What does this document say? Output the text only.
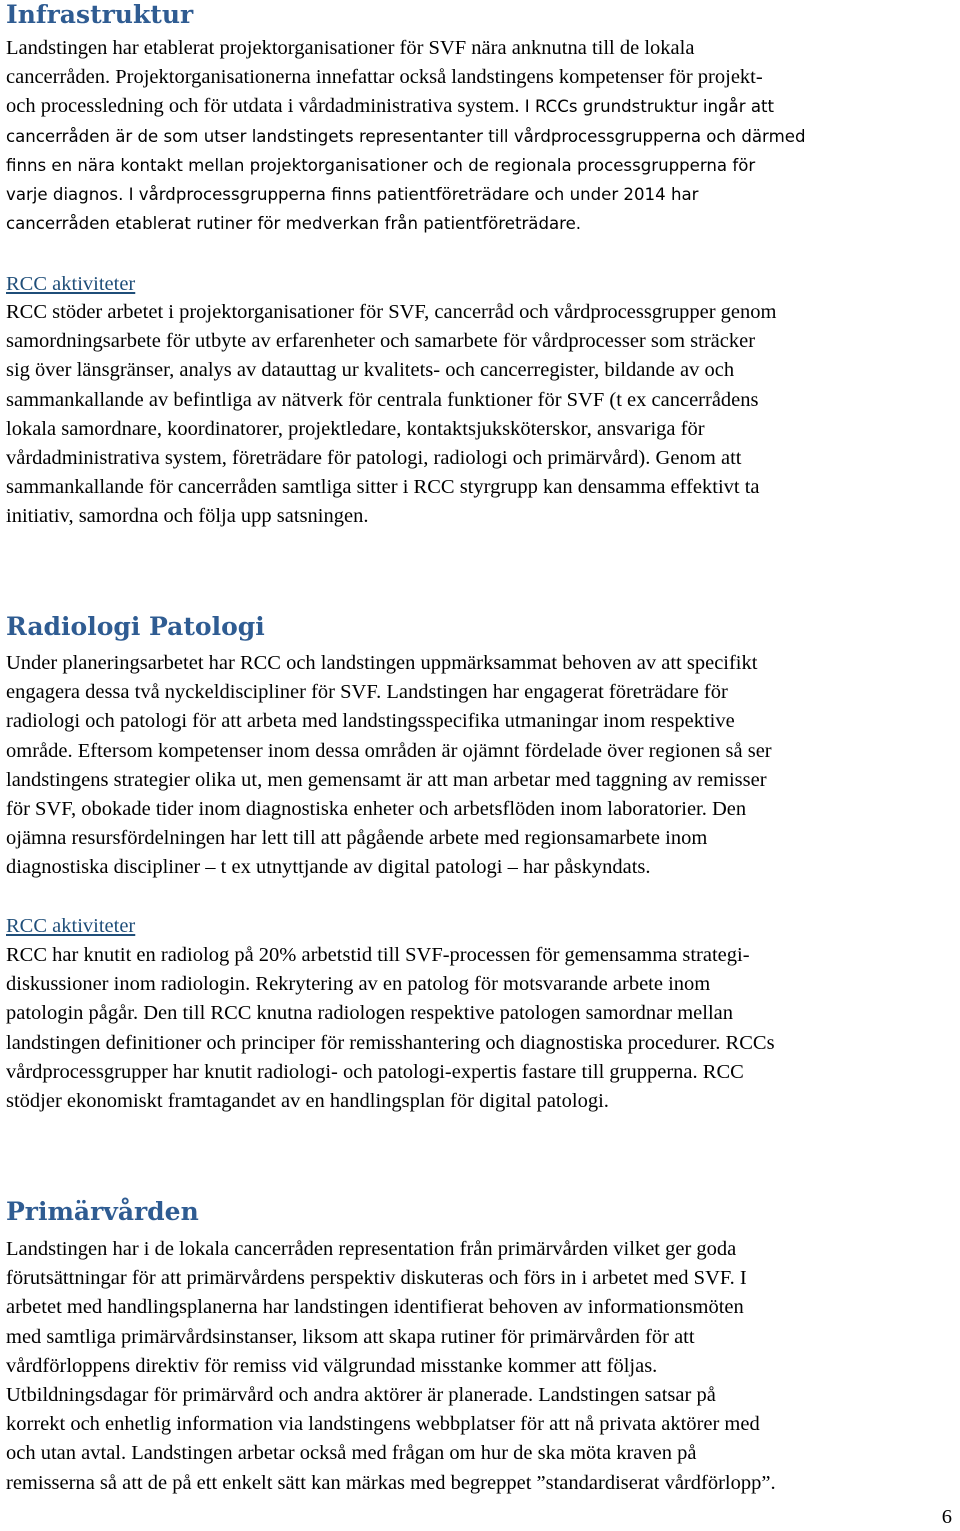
Infrastruktur
Landstingen har etablerat projektorganisationer för SVF nära anknutna till de lokala
cancerråden. Projektorganisationerna innefattar också landstingens kompetenser för projekt-
och processledning och för utdata i vårdadministrativa system. I RCCs grundstruktur ingår att
cancerråden är de som utser landstingets representanter till vårdprocessgrupperna och därmed
finns en nära kontakt mellan projektorganisationer och de regionala processgrupperna för
varje diagnos. I vårdprocessgrupperna finns patientföreträdare och under 2014 har
cancerråden etablerat rutiner för medverkan från patientföreträdare.
RCC aktiviteter
RCC stöder arbetet i projektorganisationer för SVF, cancerråd och vårdprocessgrupper genom
samordningsarbete för utbyte av erfarenheter och samarbete för vårdprocesser som sträcker
sig över länsgränser, analys av datauttag ur kvalitets- och cancerregister, bildande av och
sammankallande av befintliga av nätverk för centrala funktioner för SVF (t ex cancerrådens
lokala samordnare, koordinatorer, projektledare, kontaktsjuksköterskor, ansvariga för
vårdadministrativa system, företrädare för patologi, radiologi och primärvård). Genom att
sammankallande för cancerråden samtliga sitter i RCC styrgrupp kan densamma effektivt ta
initiativ, samordna och följa upp satsningen.
Radiologi Patologi
Under planeringsarbetet har RCC och landstingen uppmärksammat behoven av att specifikt
engagera dessa två nyckeldiscipliner för SVF. Landstingen har engagerat företrädare för
radiologi och patologi för att arbeta med landstingsspecifika utmaningar inom respektive
område. Eftersom kompetenser inom dessa områden är ojämnt fördelade över regionen så ser
landstingens strategier olika ut, men gemensamt är att man arbetar med taggning av remisser
för SVF, obokade tider inom diagnostiska enheter och arbetsflöden inom laboratorier. Den
ojämna resursfördelningen har lett till att pågående arbete med regionsamarbete inom
diagnostiska discipliner – t ex utnyttjande av digital patologi – har påskyndats.
RCC aktiviteter
RCC har knutit en radiolog på 20% arbetstid till SVF-processen för gemensamma strategi-
diskussioner inom radiologin. Rekrytering av en patolog för motsvarande arbete inom
patologin pågår. Den till RCC knutna radiologen respektive patologen samordnar mellan
landstingen definitioner och principer för remisshantering och diagnostiska procedurer. RCCs
vårdprocessgrupper har knutit radiologi- och patologi-expertis fastare till grupperna. RCC
stödjer ekonomiskt framtagandet av en handlingsplan för digital patologi.
Primärvården
Landstingen har i de lokala cancerråden representation från primärvården vilket ger goda
förutsättningar för att primärvårdens perspektiv diskuteras och förs in i arbetet med SVF. I
arbetet med handlingsplanerna har landstingen identifierat behoven av informationsmöten
med samtliga primärvårdsinstanser, liksom att skapa rutiner för primärvården för att
vårdförloppens direktiv för remiss vid välgrundad misstanke kommer att följas.
Utbildningsdagar för primärvård och andra aktörer är planerade. Landstingen satsar på
korrekt och enhetlig information via landstingens webbplatser för att nå privata aktörer med
och utan avtal. Landstingen arbetar också med frågan om hur de ska möta kraven på
remisserna så att de på ett enkelt sätt kan märkas med begreppet ”standardiserat vårdförlopp”.
6
